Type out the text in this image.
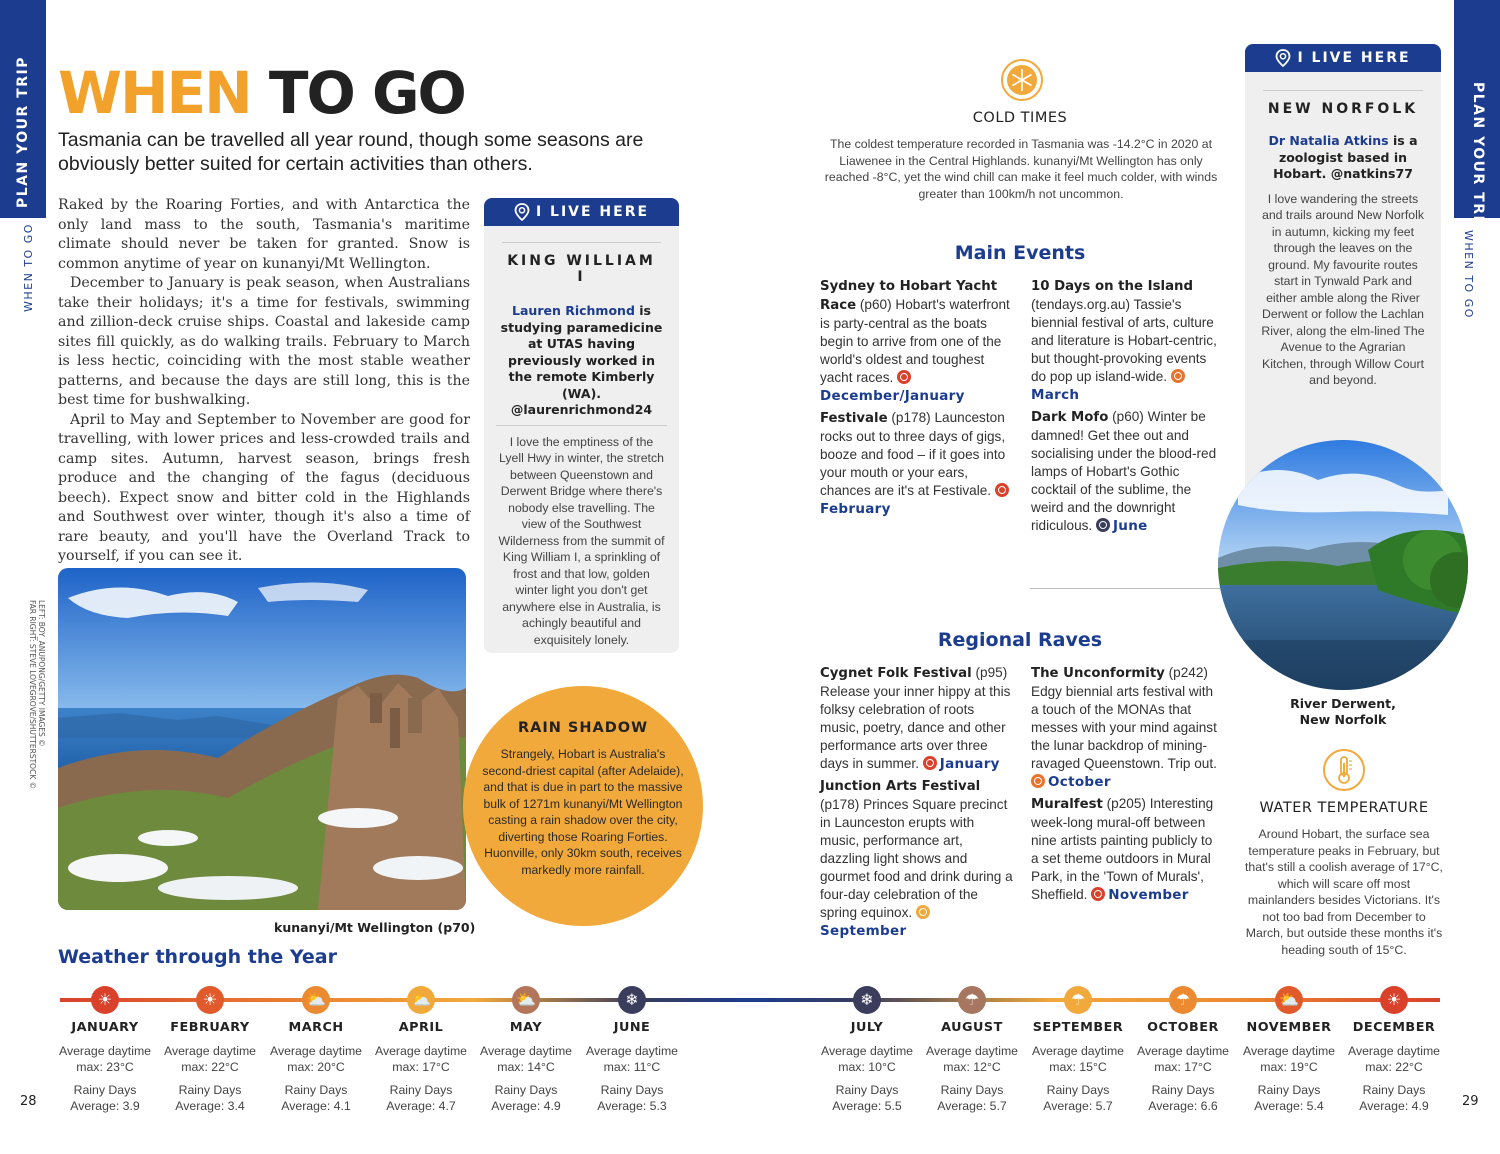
PLAN YOUR TRIP
WHEN TO GO
PLAN YOUR TRIP
WHEN TO GO
WHEN TO GO
Tasmania can be travelled all year round, though some seasons are obviously better suited for certain activities than others.

Raked by the Roaring Forties, and with Antarctica the only land mass to the south, Tasmania's maritime climate should never be taken for granted. Snow is common anytime of year on kunanyi/Mt Wellington.

December to January is peak season, when Australians take their holidays; it's a time for festivals, swimming and zillion-deck cruise ships. Coastal and lakeside camp sites fill quickly, as do walking trails. February to March is less hectic, coinciding with the most stable weather patterns, and because the days are still long, this is the best time for bushwalking.

April to May and September to November are good for travelling, with lower prices and less-crowded trails and camp sites. Autumn, harvest season, brings fresh produce and the changing of the fagus (deciduous beech). Expect snow and bitter cold in the Highlands and Southwest over winter, though it's also a time of rare beauty, and you'll have the Overland Track to yourself, if you can see it.

I LIVE HERE
KING WILLIAM I
Lauren Richmond is studying paramedicine at UTAS having previously worked in the remote Kimberly (WA). @laurenrichmond24
I love the emptiness of the Lyell Hwy in winter, the stretch between Queenstown and Derwent Bridge where there's nobody else travelling. The view of the Southwest Wilderness from the summit of King William I, a sprinkling of frost and that low, golden winter light you don't get anywhere else in Australia, is achingly beautiful and exquisitely lonely.
kunanyi/Mt Wellington (p70)
LEFT: BOY_ANUPONG/GETTY IMAGES ©
FAR RIGHT: STEVE LOVEGROVE/SHUTTERSTOCK ©	RAIN SHADOW
Strangely, Hobart is Australia's second-driest capital (after Adelaide), and that is due in part to the massive bulk of 1271m kunanyi/Mt Wellington casting a rain shadow over the city, diverting those Roaring Forties. Huonville, only 30km south, receives markedly more rainfall.
COLD TIMES
The coldest temperature recorded in Tasmania was -14.2°C in 2020 at Liawenee in the Central Highlands. kunanyi/Mt Wellington has only reached -8°C, yet the wind chill can make it feel much colder, with winds greater than 100km/h not uncommon.
Main Events
Sydney to Hobart Yacht Race (p60) Hobart's waterfront is party-central as the boats begin to arrive from one of the world's oldest and toughest yacht races. December/January
Festivale (p178) Launceston rocks out to three days of gigs, booze and food – if it goes into your mouth or your ears, chances are it's at Festivale. February
10 Days on the Island (tendays.org.au) Tassie's biennial festival of arts, culture and literature is Hobart-centric, but thought-provoking events do pop up island-wide. March
Dark Mofo (p60) Winter be damned! Get thee out and socialising under the blood-red lamps of Hobart's Gothic cocktail of the sublime, the weird and the downright ridiculous. June
Regional Raves
Cygnet Folk Festival (p95) Release your inner hippy at this folksy celebration of roots music, poetry, dance and other performance arts over three days in summer. January
Junction Arts Festival (p178) Princes Square precinct in Launceston erupts with music, performance art, dazzling light shows and gourmet food and drink during a four-day celebration of the spring equinox. September
The Unconformity (p242) Edgy biennial arts festival with a touch of the MONAs that messes with your mind against the lunar backdrop of mining-ravaged Queenstown. Trip out. October
Muralfest (p205) Interesting week-long mural-off between nine artists painting publicly to a set theme outdoors in Mural Park, in the 'Town of Murals', Sheffield. November
I LIVE HERE
NEW NORFOLK
Dr Natalia Atkins is a zoologist based in Hobart. @natkins77
I love wandering the streets and trails around New Norfolk in autumn, kicking my feet through the leaves on the ground. My favourite routes start in Tynwald Park and either amble along the River Derwent or follow the Lachlan River, along the elm-lined The Avenue to the Agrarian Kitchen, through Willow Court and beyond.
River Derwent,
New Norfolk
WATER TEMPERATURE
Around Hobart, the surface sea temperature peaks in February, but that's still a coolish average of 17°C, which will scare off most mainlanders besides Victorians. It's not too bad from December to March, but outside these months it's heading south of 15°C.
Weather through the Year
☀
JANUARY
Average daytime
max: 23°C
Rainy Days
Average: 3.9
☀
FEBRUARY
Average daytime
max: 22°C
Rainy Days
Average: 3.4
⛅
MARCH
Average daytime
max: 20°C
Rainy Days
Average: 4.1
⛅
APRIL
Average daytime
max: 17°C
Rainy Days
Average: 4.7
⛅
MAY
Average daytime
max: 14°C
Rainy Days
Average: 4.9
❄
JUNE
Average daytime
max: 11°C
Rainy Days
Average: 5.3
❄
JULY
Average daytime
max: 10°C
Rainy Days
Average: 5.5
☂
AUGUST
Average daytime
max: 12°C
Rainy Days
Average: 5.7
☂
SEPTEMBER
Average daytime
max: 15°C
Rainy Days
Average: 5.7
☂
OCTOBER
Average daytime
max: 17°C
Rainy Days
Average: 6.6
⛅
NOVEMBER
Average daytime
max: 19°C
Rainy Days
Average: 5.4
☀
DECEMBER
Average daytime
max: 22°C
Rainy Days
Average: 4.9
28	29
